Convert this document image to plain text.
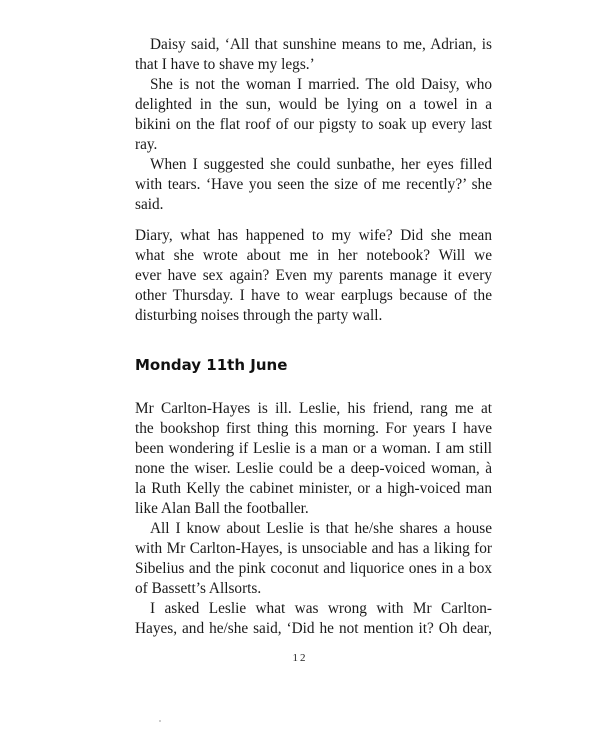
Daisy said, ‘All that sunshine means to me, Adrian, is

that I have to shave my legs.’

She is not the woman I married. The old Daisy, who

delighted in the sun, would be lying on a towel in a

bikini on the flat roof of our pigsty to soak up every last

ray.

When I suggested she could sunbathe, her eyes filled

with tears. ‘Have you seen the size of me recently?’ she

said.

Diary, what has happened to my wife? Did she mean

what she wrote about me in her notebook? Will we

ever have sex again? Even my parents manage it every

other Thursday. I have to wear earplugs because of the

disturbing noises through the party wall.

Monday 11th June

Mr Carlton-Hayes is ill. Leslie, his friend, rang me at

the bookshop first thing this morning. For years I have

been wondering if Leslie is a man or a woman. I am still

none the wiser. Leslie could be a deep-voiced woman, à

la Ruth Kelly the cabinet minister, or a high-voiced man

like Alan Ball the footballer.

All I know about Leslie is that he/she shares a house

with Mr Carlton-Hayes, is unsociable and has a liking for

Sibelius and the pink coconut and liquorice ones in a box

of Bassett’s Allsorts.

I asked Leslie what was wrong with Mr Carlton-

Hayes, and he/she said, ‘Did he not mention it? Oh dear,

12
